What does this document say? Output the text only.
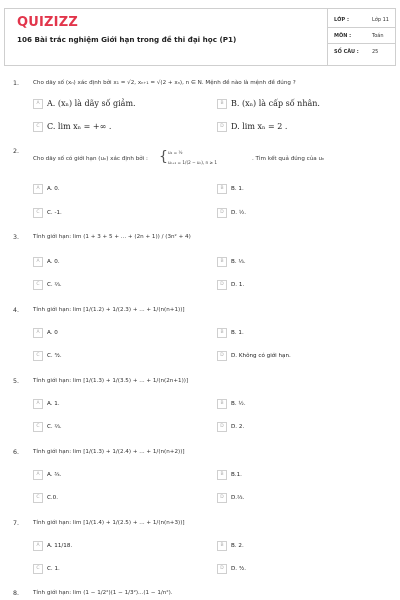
QUIZIZZ
106 Bài trắc nghiệm Giới hạn trong đề thi đại học (P1)
LỚP :	Lớp 11
MÔN :	Toán
SỐ CÂU :	25
1. Cho dãy số (xₙ) xác định bởi x₁ = √2, xₙ₊₁ = √(2 + xₙ), n ∈ N. Mệnh đề nào là mệnh đề đúng ?
A A. (xₙ) là dãy số giảm.	B B. (xₙ) là cấp số nhân.
C C. lim xₙ = +∞ .	D D. lim xₙ = 2 .
2.
Cho dãy số có giới hạn (uₙ) xác định bởi : { u₁ = ½
uₙ₊₁ = 1/(2 − uₙ), n ≥ 1
. Tìm kết quả đúng của uₙ
A	A. 0.	B	B. 1.
C	C. -1.	D	D. ½.
3. Tính giới hạn: lim (1 + 3 + 5 + ... + (2n + 1)) / (3n² + 4)
A	A. 0.	B	B. ⅓.
C	C. ⅔.	D	D. 1.
4. Tính giới hạn: lim [1/(1.2) + 1/(2.3) + ... + 1/(n(n+1))]
A	A. 0	B	B. 1.
C	C. ³⁄₂.	D	D. Không có giới hạn.
5. Tính giới hạn: lim [1/(1.3) + 1/(3.5) + ... + 1/(n(2n+1))]
A	A. 1.	B	B. ½.
C	C. ⅔.	D	D. 2.
6. Tính giới hạn: lim [1/(1.3) + 1/(2.4) + ... + 1/(n(n+2))]
A	A. ¾.	B	B.1.
C	C.0.	D	D.⅔.
7. Tính giới hạn: lim [1/(1.4) + 1/(2.5) + ... + 1/(n(n+3))]
A	A. 11/18.	B	B. 2.
C	C. 1.	D	D. ³⁄₂.
8. Tính giới hạn: lim (1 − 1/2²)(1 − 1/3²)...(1 − 1/n²).
